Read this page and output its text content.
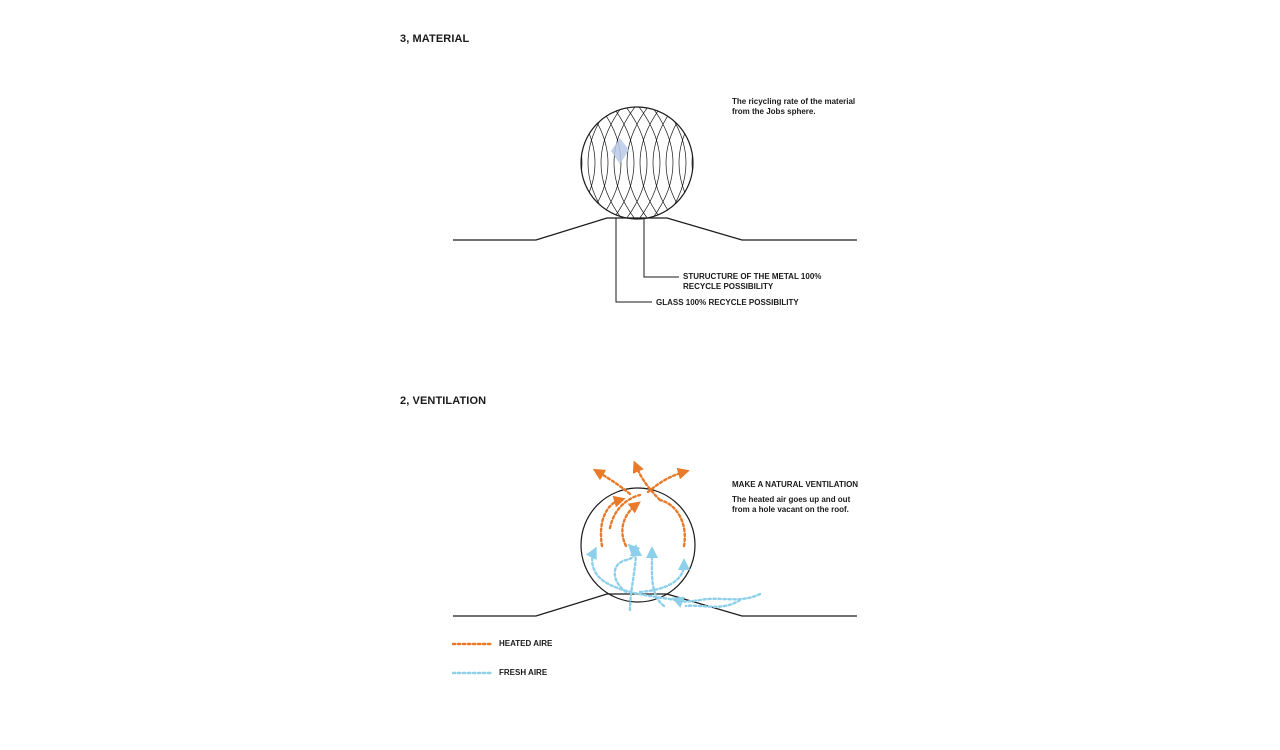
3, MATERIAL
The ricycling rate of the material
from the Jobs sphere.
STURUCTURE OF THE METAL 100%
RECYCLE POSSIBILITY
GLASS 100% RECYCLE POSSIBILITY
2, VENTILATION
MAKE A NATURAL VENTILATION
The heated air goes up and out
from a hole vacant on the roof.
HEATED AIRE
FRESH AIRE
